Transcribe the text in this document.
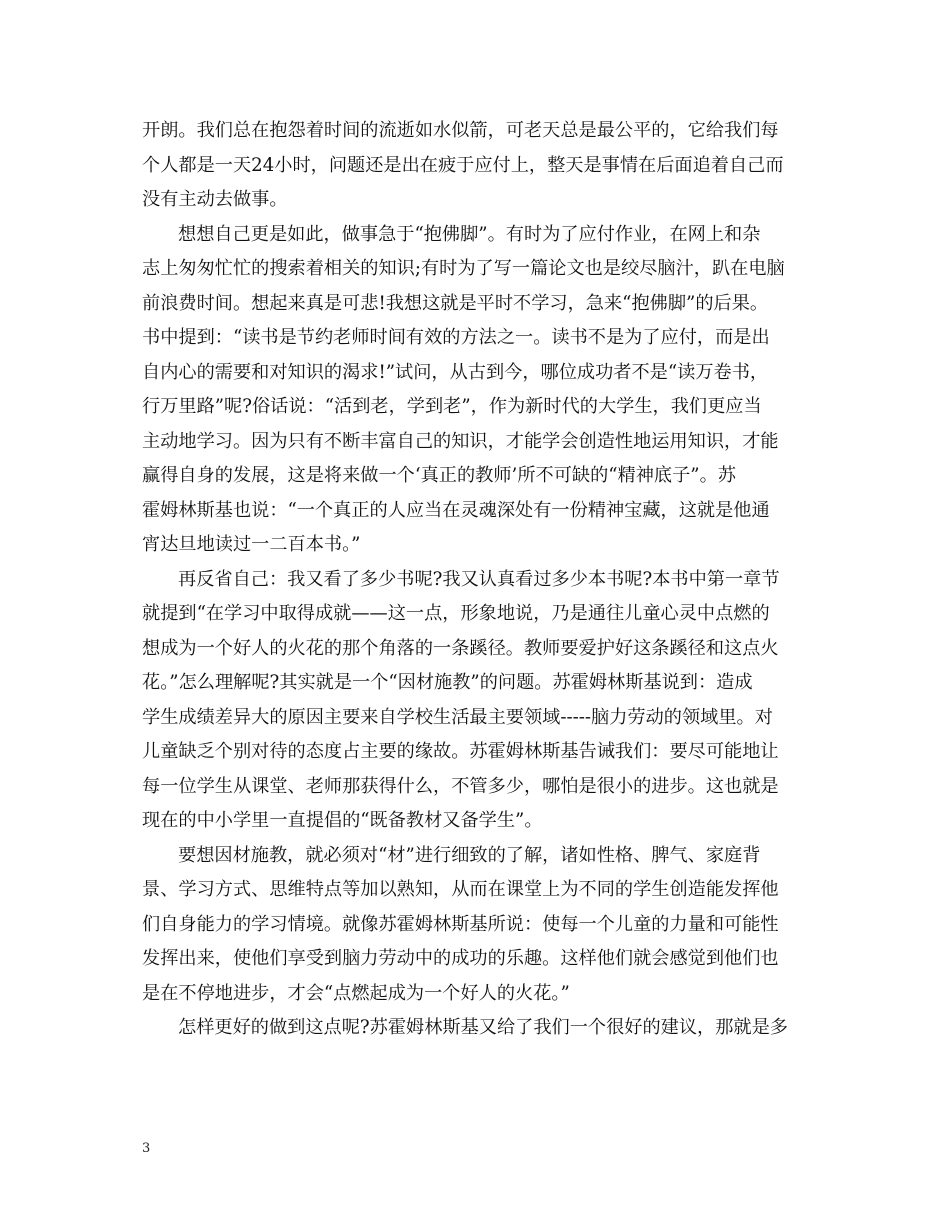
开朗。我们总在抱怨着时间的流逝如水似箭，可老天总是最公平的，它给我们每
个人都是一天24小时，问题还是出在疲于应付上，整天是事情在后面追着自己而
没有主动去做事。
想想自己更是如此，做事急于“抱佛脚”。有时为了应付作业，在网上和杂
志上匆匆忙忙的搜索着相关的知识;有时为了写一篇论文也是绞尽脑汁，趴在电脑
前浪费时间。想起来真是可悲!我想这就是平时不学习，急来“抱佛脚”的后果。
书中提到：“读书是节约老师时间有效的方法之一。读书不是为了应付，而是出
自内心的需要和对知识的渴求!”试问，从古到今，哪位成功者不是“读万卷书，
行万里路”呢?俗话说：“活到老，学到老”，作为新时代的大学生，我们更应当
主动地学习。因为只有不断丰富自己的知识，才能学会创造性地运用知识，才能
赢得自身的发展，这是将来做一个‘真正的教师’所不可缺的“精神底子”。苏
霍姆林斯基也说：“一个真正的人应当在灵魂深处有一份精神宝藏，这就是他通
宵达旦地读过一二百本书。”
再反省自己：我又看了多少书呢?我又认真看过多少本书呢?本书中第一章节
就提到“在学习中取得成就——这一点，形象地说，乃是通往儿童心灵中点燃的
想成为一个好人的火花的那个角落的一条蹊径。教师要爱护好这条蹊径和这点火
花。”怎么理解呢?其实就是一个“因材施教”的问题。苏霍姆林斯基说到：造成
学生成绩差异大的原因主要来自学校生活最主要领域-----脑力劳动的领域里。对
儿童缺乏个别对待的态度占主要的缘故。苏霍姆林斯基告诫我们：要尽可能地让
每一位学生从课堂、老师那获得什么，不管多少，哪怕是很小的进步。这也就是
现在的中小学里一直提倡的“既备教材又备学生”。
要想因材施教，就必须对“材”进行细致的了解，诸如性格、脾气、家庭背
景、学习方式、思维特点等加以熟知，从而在课堂上为不同的学生创造能发挥他
们自身能力的学习情境。就像苏霍姆林斯基所说：使每一个儿童的力量和可能性
发挥出来，使他们享受到脑力劳动中的成功的乐趣。这样他们就会感觉到他们也
是在不停地进步，才会“点燃起成为一个好人的火花。”
怎样更好的做到这点呢?苏霍姆林斯基又给了我们一个很好的建议，那就是多
3
